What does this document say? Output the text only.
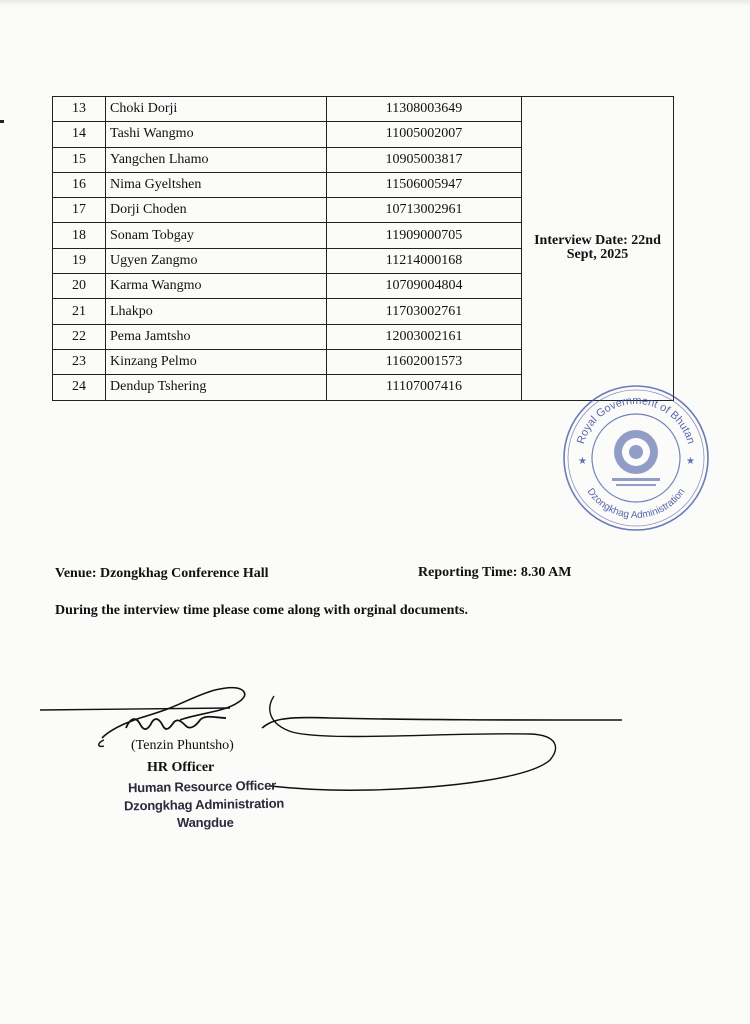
13	Choki Dorji	11308003649	Interview Date: 22nd
Sept, 2025

14	Tashi Wangmo	11005002007	
15	Yangchen Lhamo	10905003817	
16	Nima Gyeltshen	11506005947	
17	Dorji Choden	10713002961	
18	Sonam Tobgay	11909000705	
19	Ugyen Zangmo	11214000168	
20	Karma Wangmo	10709004804	
21	Lhakpo	11703002761	
22	Pema Jamtsho	12003002161	
23	Kinzang Pelmo	11602001573	
24	Dendup Tshering	11107007416	
Royal Government of Bhutan
Dzongkhag Administration
★	★
Venue: Dzongkhag Conference Hall	Reporting Time: 8.30 AM
During the interview time please come along with orginal documents.
(Tenzin Phuntsho)
HR Officer
Human Resource Officer
Dzongkhag Administration
Wangdue
